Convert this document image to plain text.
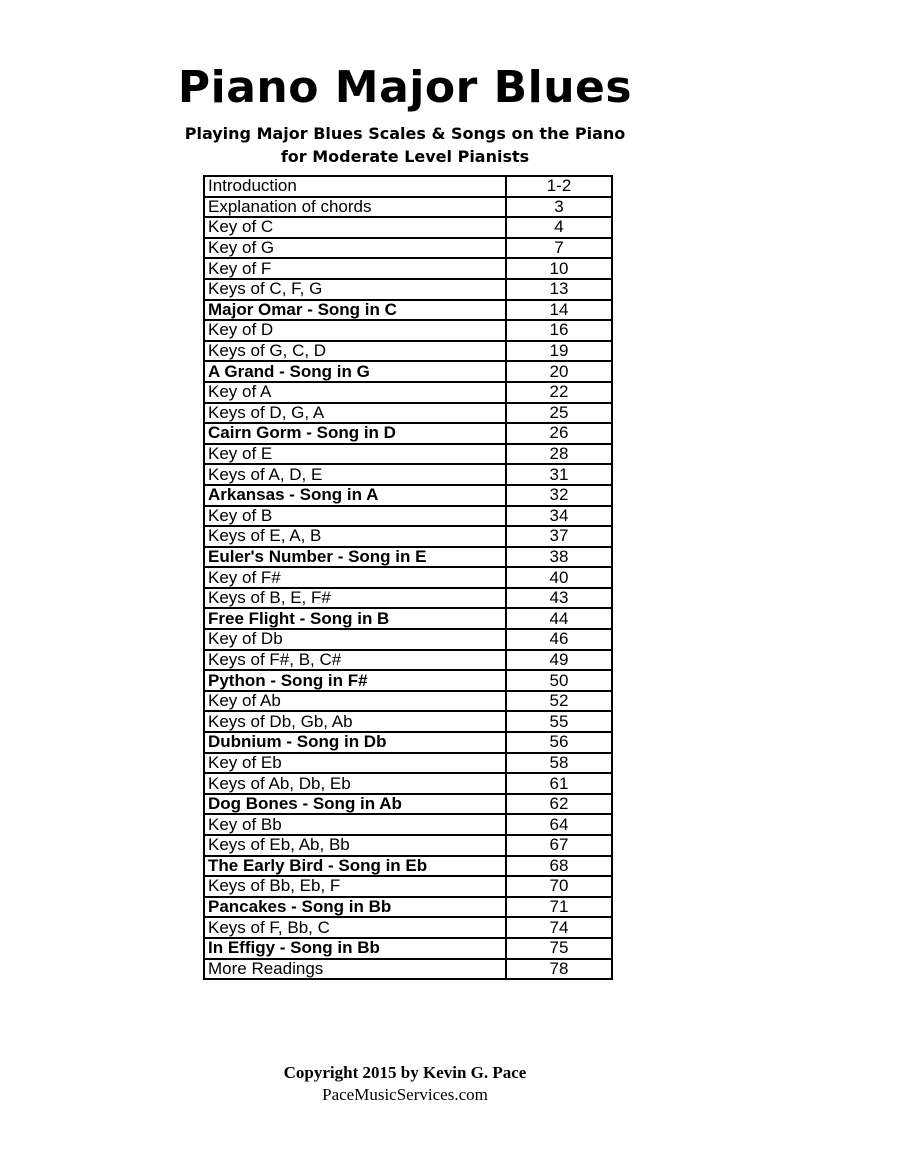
Piano Major Blues
Playing Major Blues Scales & Songs on the Piano
for Moderate Level Pianists
Introduction	1-2
Explanation of chords	3
Key of C	4
Key of G	7
Key of F	10
Keys of C, F, G	13
Major Omar - Song in C	14
Key of D	16
Keys of G, C, D	19
A Grand - Song in G	20
Key of A	22
Keys of D, G, A	25
Cairn Gorm - Song in D	26
Key of E	28
Keys of A, D, E	31
Arkansas - Song in A	32
Key of B	34
Keys of E, A, B	37
Euler's Number - Song in E	38
Key of F#	40
Keys of B, E, F#	43
Free Flight - Song in B	44
Key of Db	46
Keys of F#, B, C#	49
Python - Song in F#	50
Key of Ab	52
Keys of Db, Gb, Ab	55
Dubnium - Song in Db	56
Key of Eb	58
Keys of Ab, Db, Eb	61
Dog Bones - Song in Ab	62
Key of Bb	64
Keys of Eb, Ab, Bb	67
The Early Bird - Song in Eb	68
Keys of Bb, Eb, F	70
Pancakes - Song in Bb	71
Keys of F, Bb, C	74
In Effigy - Song in Bb	75
More Readings	78
Copyright 2015 by Kevin G. Pace
PaceMusicServices.com
